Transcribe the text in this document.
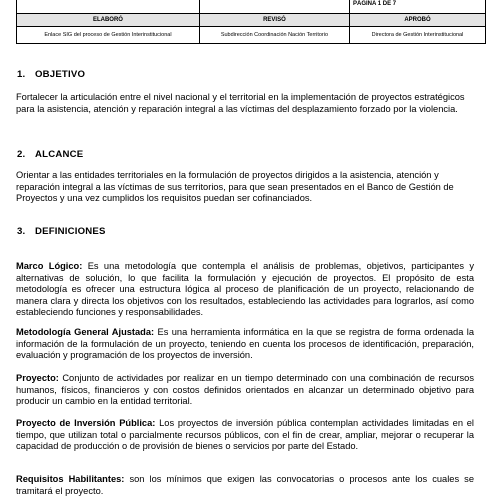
		PÁGINA 1 DE 7
ELABORÓ	REVISÓ	APROBÓ
Enlace SIG del proceso de Gestión Interinstitucional	Subdirección Coordinación Nación Territorio	Directora de Gestión Interinstitucional
1. OBJETIVO

Fortalecer la articulación entre el nivel nacional y el territorial en la implementación de proyectos estratégicos para la asistencia, atención y reparación integral a las víctimas del desplazamiento forzado por la violencia.

2. ALCANCE

Orientar a las entidades territoriales en la formulación de proyectos dirigidos a la asistencia, atención y reparación integral a las víctimas de sus territorios, para que sean presentados en el Banco de Gestión de Proyectos y una vez cumplidos los requisitos puedan ser cofinanciados.

3. DEFINICIONES

Marco Lógico: Es una metodología que contempla el análisis de problemas, objetivos, participantes y alternativas de solución, lo que facilita la formulación y ejecución de proyectos. El propósito de esta metodología es ofrecer una estructura lógica al proceso de planificación de un proyecto, relacionando de manera clara y directa los objetivos con los resultados, estableciendo las actividades para lograrlos, así como estableciendo funciones y responsabilidades.

Metodología General Ajustada: Es una herramienta informática en la que se registra de forma ordenada la información de la formulación de un proyecto, teniendo en cuenta los procesos de identificación, preparación, evaluación y programación de los proyectos de inversión.

Proyecto: Conjunto de actividades por realizar en un tiempo determinado con una combinación de recursos humanos, físicos, financieros y con costos definidos orientados en alcanzar un determinado objetivo para producir un cambio en la entidad territorial.

Proyecto de Inversión Pública: Los proyectos de inversión pública contemplan actividades limitadas en el tiempo, que utilizan total o parcialmente recursos públicos, con el fin de crear, ampliar, mejorar o recuperar la capacidad de producción o de provisión de bienes o servicios por parte del Estado.

Requisitos Habilitantes: son los mínimos que exigen las convocatorias o procesos ante los cuales se tramitará el proyecto.
